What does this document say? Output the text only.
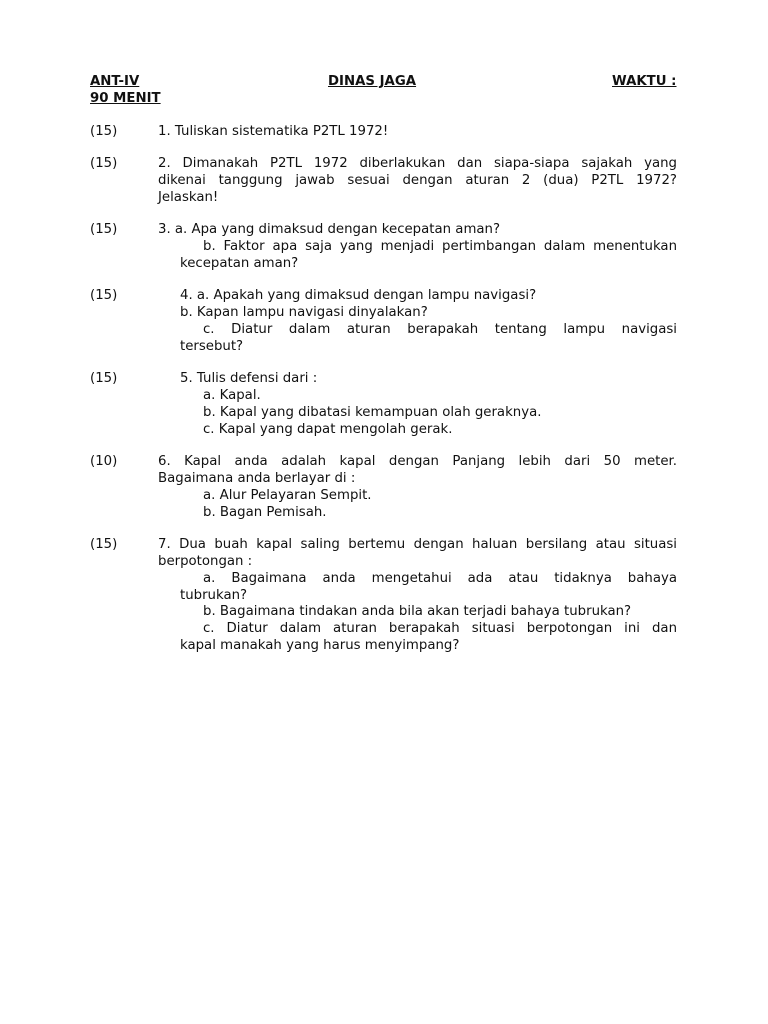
ANT-IV	DINAS JAGA	WAKTU :
90 MENIT
(15)	1. Tuliskan sistematika P2TL 1972!
(15)	2. Dimanakah P2TL 1972 diberlakukan dan siapa-siapa sajakah yang
dikenai tanggung jawab sesuai dengan aturan 2 (dua) P2TL 1972?
Jelaskan!
(15)	3. a. Apa yang dimaksud dengan kecepatan aman?
b. Faktor apa saja yang menjadi pertimbangan dalam menentukan
kecepatan aman?
(15)	4. a. Apakah yang dimaksud dengan lampu navigasi?
b. Kapan lampu navigasi dinyalakan?
c. Diatur dalam aturan berapakah tentang lampu navigasi
tersebut?
(15)	5. Tulis defensi dari :
a. Kapal.
b. Kapal yang dibatasi kemampuan olah geraknya.
c. Kapal yang dapat mengolah gerak.
(10)	6. Kapal anda adalah kapal dengan Panjang lebih dari 50 meter.
Bagaimana anda berlayar di :
a. Alur Pelayaran Sempit.
b. Bagan Pemisah.
(15)	7. Dua buah kapal saling bertemu dengan haluan bersilang atau situasi
berpotongan :
a. Bagaimana anda mengetahui ada atau tidaknya bahaya
tubrukan?
b. Bagaimana tindakan anda bila akan terjadi bahaya tubrukan?
c. Diatur dalam aturan berapakah situasi berpotongan ini dan
kapal manakah yang harus menyimpang?
